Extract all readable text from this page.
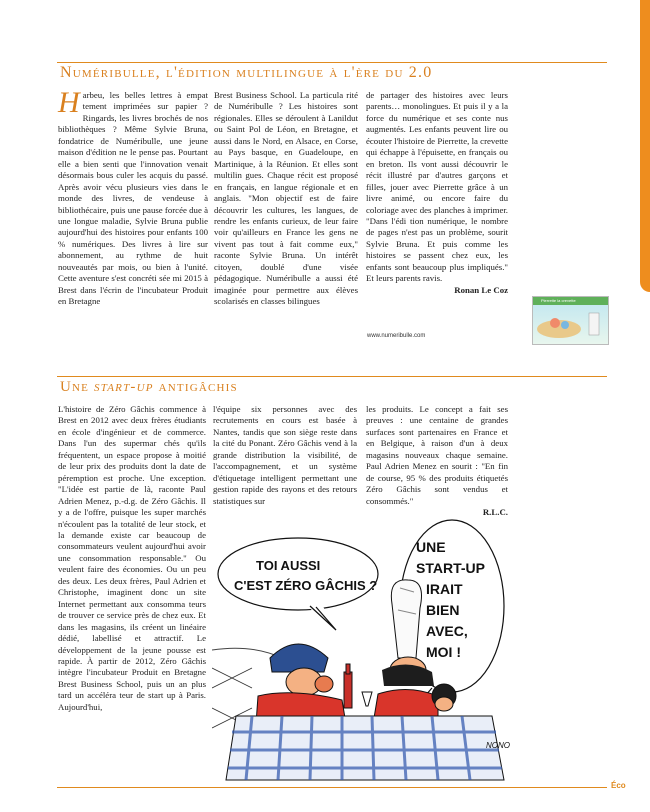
Numéribulle, l'édition multilingue à l'ère du 2.0

Harbeu, les belles lettres à empat tement imprimées sur papier ? Ringards, les livres brochés de nos bibliothèques ? Même Sylvie Bruna, fondatrice de Numéribulle, une jeune maison d'édition ne le pense pas. Pourtant elle a bien senti que l'innovation venait désormais bous culer les acquis du passé. Après avoir vécu plusieurs vies dans le monde des livres, de vendeuse à bibliothécaire, puis une pause forcée due à une longue maladie, Sylvie Bruna publie aujourd'hui des histoires pour enfants 100 % numériques. Des livres à lire sur abonnement, au rythme de huit nouveautés par mois, ou bien à l'unité. Cette aventure s'est concréti sée mi 2015 à Brest dans l'écrin de l'incubateur Produit en Bretagne

Brest Business School. La particula rité de Numéribulle ? Les histoires sont régionales. Elles se déroulent à Lanildut ou Saint Pol de Léon, en Bretagne, et aussi dans le Nord, en Alsace, en Corse, au Pays basque, en Guadeloupe, en Martinique, à la Réunion. Et elles sont multilin gues. Chaque récit est proposé en français, en langue régionale et en anglais. "Mon objectif est de faire découvrir les cultures, les langues, de rendre les enfants curieux, de leur faire voir qu'ailleurs en France les gens ne vivent pas tout à fait comme eux," raconte Sylvie Bruna. Un intérêt citoyen, doublé d'une visée pédagogique. Numéribulle a aussi été imaginée pour permettre aux élèves scolarisés en classes bilingues

de partager des histoires avec leurs parents… monolingues. Et puis il y a la force du numérique et ses conte nus augmentés. Les enfants peuvent lire ou écouter l'histoire de Pierrette, la crevette qui échappe à l'épuisette, en français ou en breton. Ils vont aussi découvrir le récit illustré par d'autres garçons et filles, jouer avec Pierrette grâce à un livre animé, ou encore faire du coloriage avec des planches à imprimer. "Dans l'édi tion numérique, le nombre de pages n'est pas un problème, sourit Sylvie Bruna. Et puis comme les histoires se passent chez eux, les enfants sont beaucoup plus impliqués." Et leurs parents ravis.

Ronan Le Coz

www.numeribulle.com
Pierrette la crevette
Une start-up antigâchis

L'histoire de Zéro Gâchis commence à Brest en 2012 avec deux frères étudiants en école d'ingénieur et de commerce. Dans l'un des supermar chés qu'ils fréquentent, un espace propose à moitié de leur prix des produits dont la date de péremption est proche. Une exception. "L'idée est partie de là, raconte Paul Adrien Menez, p.-d.g. de Zéro Gâchis. Il y a de l'offre, puisque les super marchés n'écoulent pas la totalité de leur stock, et la demande existe car beaucoup de consommateurs veulent aujourd'hui avoir une consommation responsable." Ou veulent faire des économies. Ou un peu des deux. Les deux frères, Paul Adrien et Christophe, imaginent donc un site Internet permettant aux consomma teurs de trouver ce service près de chez eux. Et dans les magasins, ils créent un linéaire dédié, labellisé et attractif. Le développement de la jeune pousse est rapide. À partir de 2012, Zéro Gâchis intègre l'incubateur Produit en Bretagne Brest Business School, puis un an plus tard un accéléra teur de start up à Paris. Aujourd'hui,

l'équipe six personnes avec des recrutements en cours est basée à Nantes, tandis que son siège reste dans la cité du Ponant. Zéro Gâchis vend à la grande distribution la visibilité, de l'accompagnement, et un système d'étiquetage intelligent permettant une gestion rapide des rayons et des retours statistiques sur

les produits. Le concept a fait ses preuves : une centaine de grandes surfaces sont partenaires en France et en Belgique, à raison d'un à deux magasins nouveaux chaque semaine. Paul Adrien Menez en sourit : "En fin de course, 95 % des produits étiquetés Zéro Gâchis sont vendus et consommés."

R.L.C.

TOI AUSSI
C'EST ZÉRO GÂCHIS ?
UNE
START-UP
IRAIT
BIEN
AVEC,
MOI !
NONO
Éco
